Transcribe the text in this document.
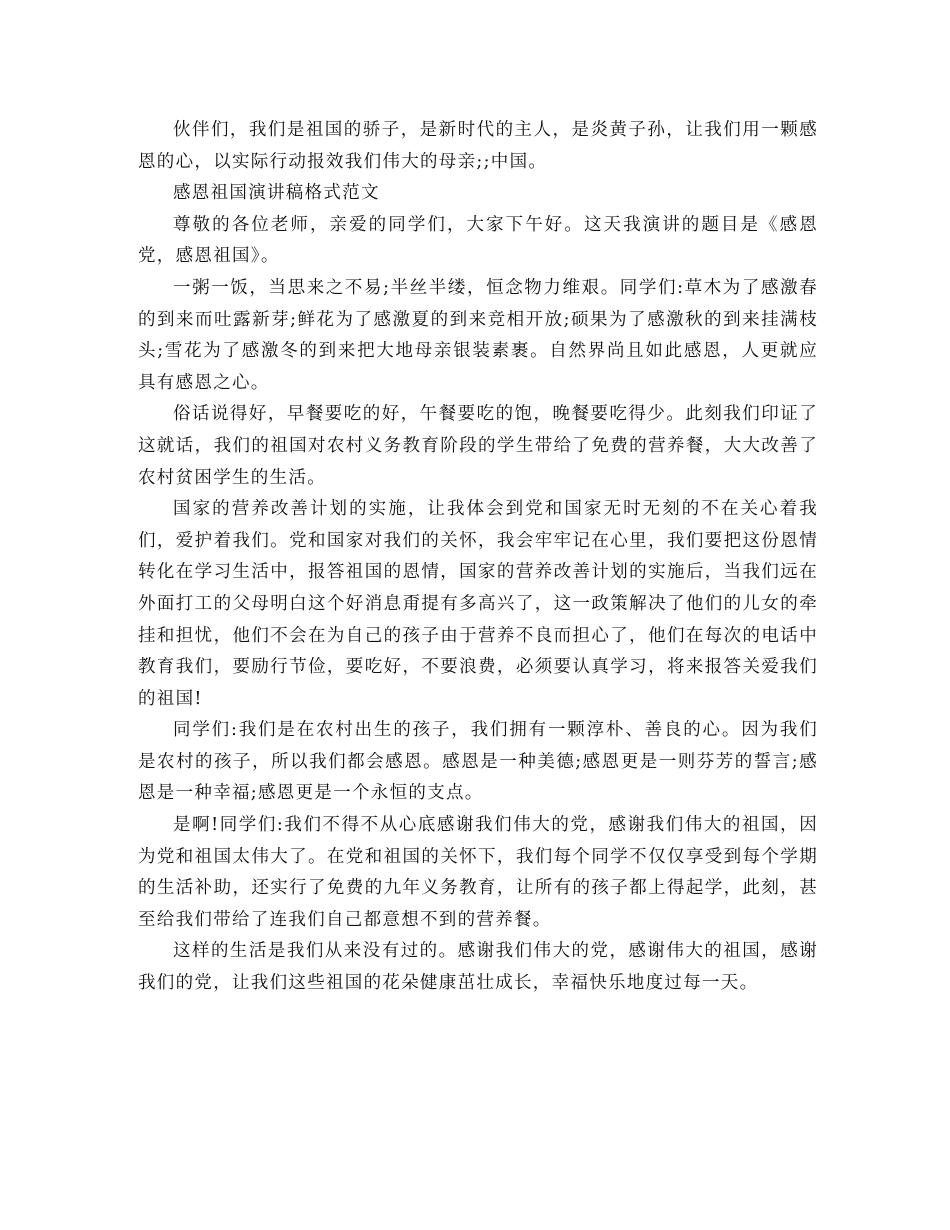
伙伴们，我们是祖国的骄子，是新时代的主人，是炎黄子孙，让我们用一颗感恩的心，以实际行动报效我们伟大的母亲;;中国。

感恩祖国演讲稿格式范文

尊敬的各位老师，亲爱的同学们，大家下午好。这天我演讲的题目是《感恩党，感恩祖国》。

一粥一饭，当思来之不易;半丝半缕，恒念物力维艰。同学们:草木为了感激春的到来而吐露新芽;鲜花为了感激夏的到来竞相开放;硕果为了感激秋的到来挂满枝头;雪花为了感激冬的到来把大地母亲银装素裹。自然界尚且如此感恩，人更就应具有感恩之心。

俗话说得好，早餐要吃的好，午餐要吃的饱，晚餐要吃得少。此刻我们印证了这就话，我们的祖国对农村义务教育阶段的学生带给了免费的营养餐，大大改善了农村贫困学生的生活。

国家的营养改善计划的实施，让我体会到党和国家无时无刻的不在关心着我们，爱护着我们。党和国家对我们的关怀，我会牢牢记在心里，我们要把这份恩情转化在学习生活中，报答祖国的恩情，国家的营养改善计划的实施后，当我们远在外面打工的父母明白这个好消息甭提有多高兴了，这一政策解决了他们的儿女的牵挂和担忧，他们不会在为自己的孩子由于营养不良而担心了，他们在每次的电话中教育我们，要励行节俭，要吃好，不要浪费，必须要认真学习，将来报答关爱我们的祖国!

同学们:我们是在农村出生的孩子，我们拥有一颗淳朴、善良的心。因为我们是农村的孩子，所以我们都会感恩。感恩是一种美德;感恩更是一则芬芳的誓言;感恩是一种幸福;感恩更是一个永恒的支点。

是啊!同学们:我们不得不从心底感谢我们伟大的党，感谢我们伟大的祖国，因为党和祖国太伟大了。在党和祖国的关怀下，我们每个同学不仅仅享受到每个学期的生活补助，还实行了免费的九年义务教育，让所有的孩子都上得起学，此刻，甚至给我们带给了连我们自己都意想不到的营养餐。

这样的生活是我们从来没有过的。感谢我们伟大的党，感谢伟大的祖国，感谢我们的党，让我们这些祖国的花朵健康茁壮成长，幸福快乐地度过每一天。
